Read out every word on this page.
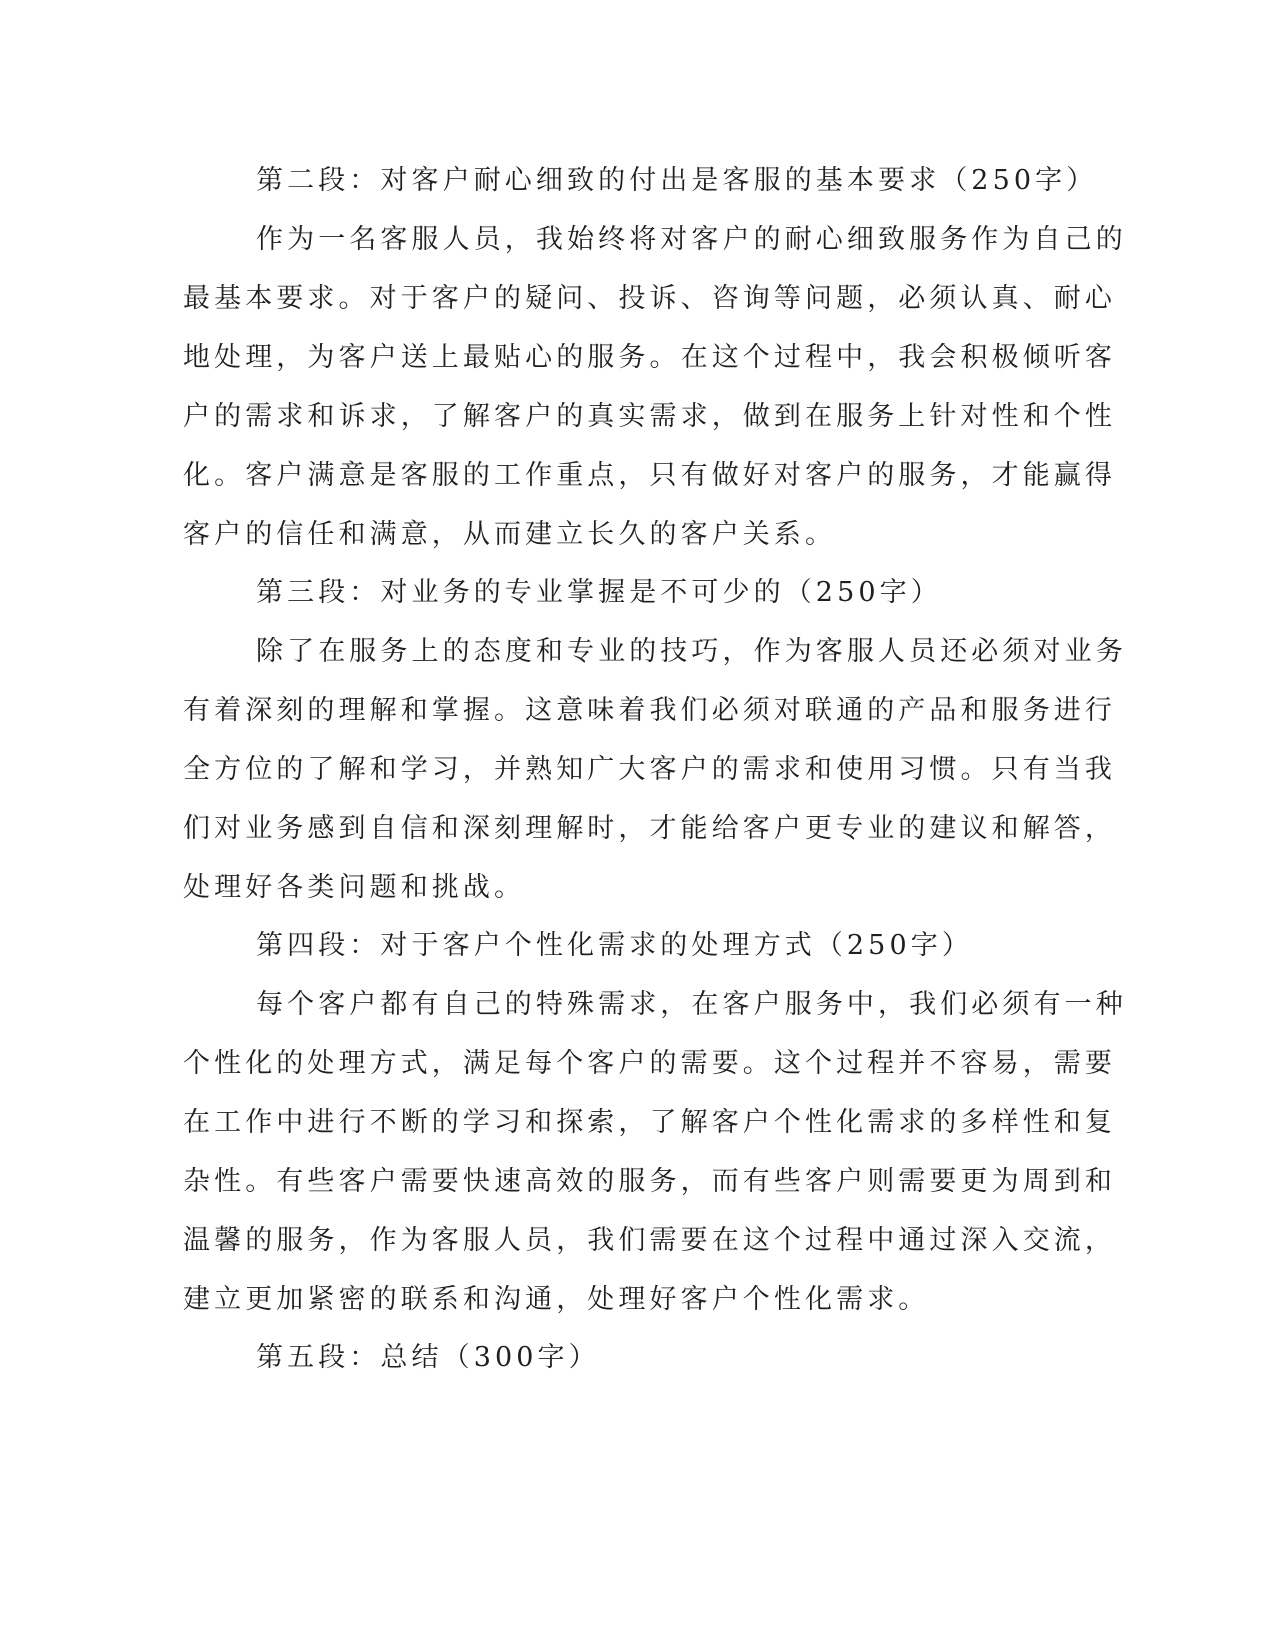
第二段：对客户耐心细致的付出是客服的基本要求（250字）
作为一名客服人员，我始终将对客户的耐心细致服务作为自己的
最基本要求。对于客户的疑问、投诉、咨询等问题，必须认真、耐心
地处理，为客户送上最贴心的服务。在这个过程中，我会积极倾听客
户的需求和诉求，了解客户的真实需求，做到在服务上针对性和个性
化。客户满意是客服的工作重点，只有做好对客户的服务，才能赢得
客户的信任和满意，从而建立长久的客户关系。
第三段：对业务的专业掌握是不可少的（250字）
除了在服务上的态度和专业的技巧，作为客服人员还必须对业务
有着深刻的理解和掌握。这意味着我们必须对联通的产品和服务进行
全方位的了解和学习，并熟知广大客户的需求和使用习惯。只有当我
们对业务感到自信和深刻理解时，才能给客户更专业的建议和解答，
处理好各类问题和挑战。
第四段：对于客户个性化需求的处理方式（250字）
每个客户都有自己的特殊需求，在客户服务中，我们必须有一种
个性化的处理方式，满足每个客户的需要。这个过程并不容易，需要
在工作中进行不断的学习和探索，了解客户个性化需求的多样性和复
杂性。有些客户需要快速高效的服务，而有些客户则需要更为周到和
温馨的服务，作为客服人员，我们需要在这个过程中通过深入交流，
建立更加紧密的联系和沟通，处理好客户个性化需求。
第五段：总结（300字）
